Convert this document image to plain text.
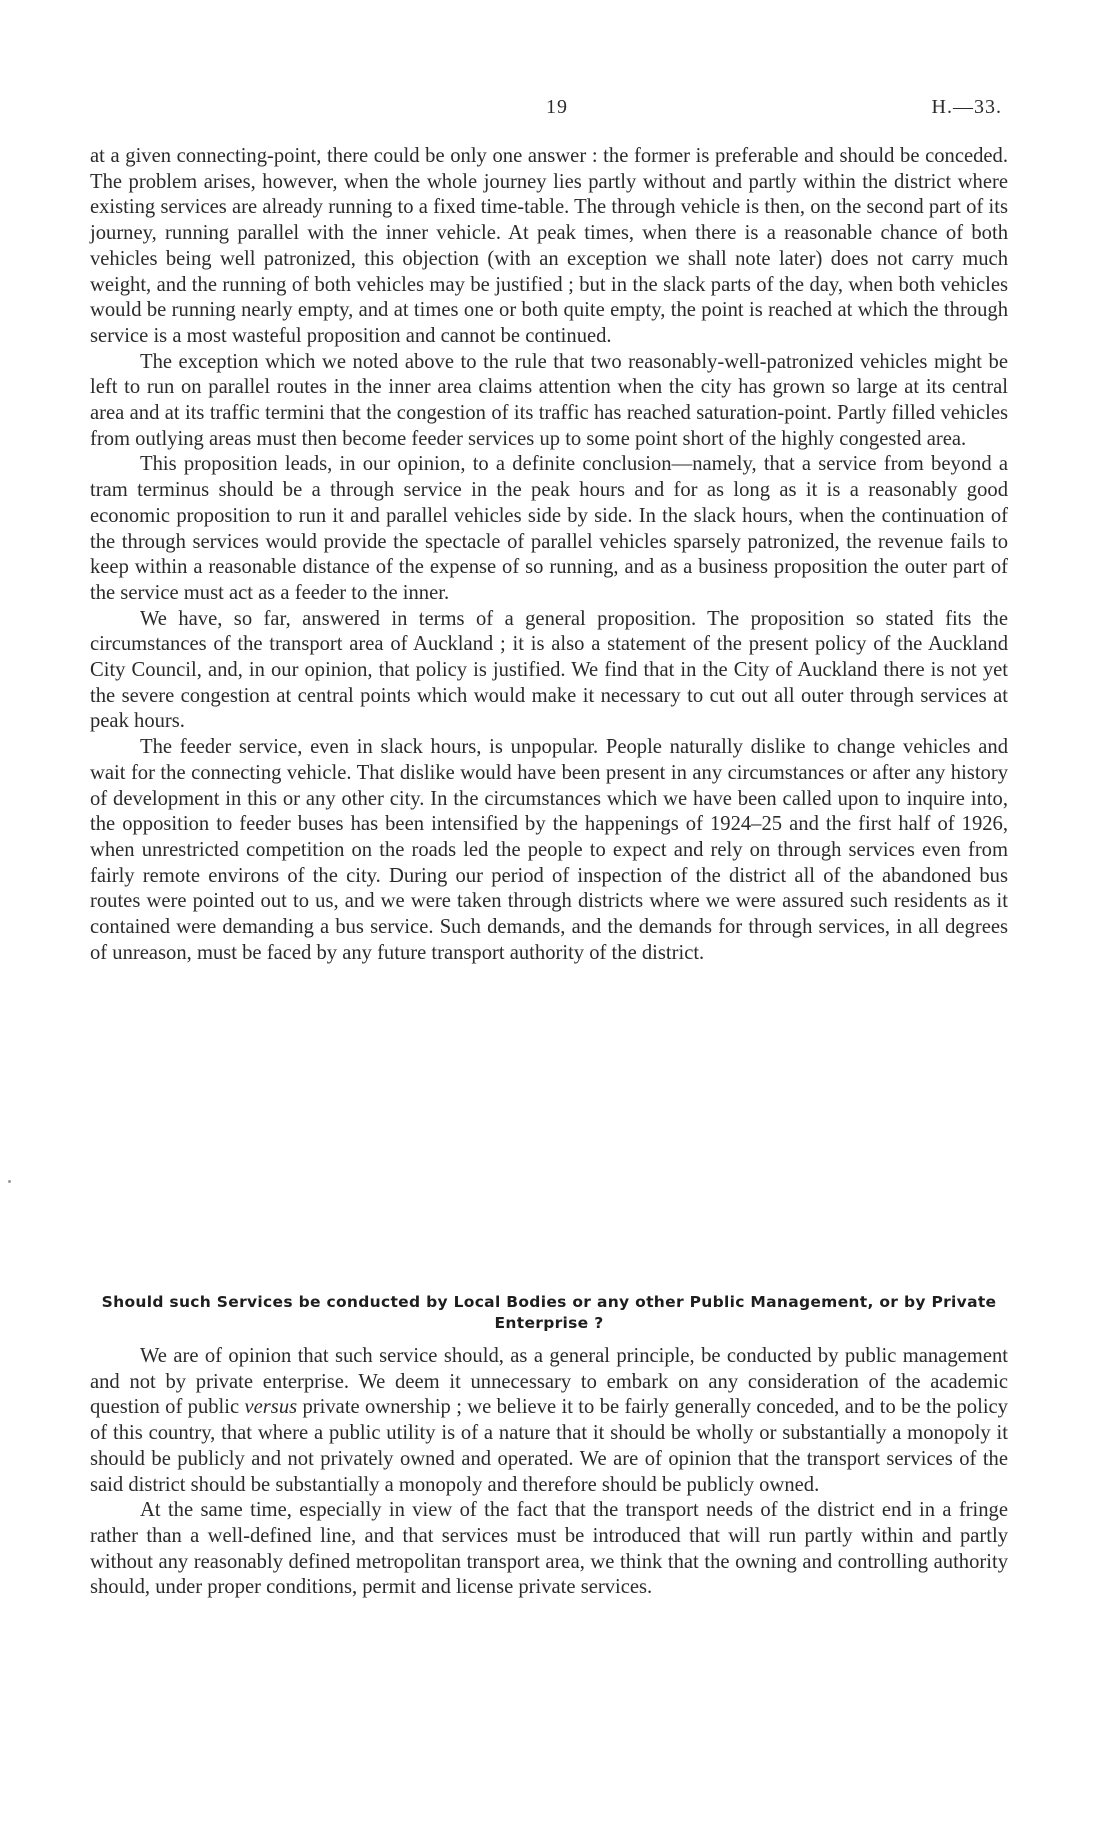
19	H.—33.

at a given connecting-point, there could be only one answer : the former is preferable and should be conceded. The problem arises, however, when the whole journey lies partly without and partly within the district where existing services are already running to a fixed time-table. The through vehicle is then, on the second part of its journey, running parallel with the inner vehicle. At peak times, when there is a reasonable chance of both vehicles being well patronized, this objection (with an exception we shall note later) does not carry much weight, and the running of both vehicles may be justified ; but in the slack parts of the day, when both vehicles would be running nearly empty, and at times one or both quite empty, the point is reached at which the through service is a most wasteful proposition and cannot be continued.

The exception which we noted above to the rule that two reasonably-well-patronized vehicles might be left to run on parallel routes in the inner area claims attention when the city has grown so large at its central area and at its traffic termini that the congestion of its traffic has reached saturation-point. Partly filled vehicles from outlying areas must then become feeder services up to some point short of the highly congested area.

This proposition leads, in our opinion, to a definite conclusion—namely, that a service from beyond a tram terminus should be a through service in the peak hours and for as long as it is a reasonably good economic proposition to run it and parallel vehicles side by side. In the slack hours, when the continuation of the through services would provide the spectacle of parallel vehicles sparsely patronized, the revenue fails to keep within a reasonable distance of the expense of so running, and as a business proposition the outer part of the service must act as a feeder to the inner.

We have, so far, answered in terms of a general proposition. The proposition so stated fits the circumstances of the transport area of Auckland ; it is also a statement of the present policy of the Auckland City Council, and, in our opinion, that policy is justified. We find that in the City of Auckland there is not yet the severe congestion at central points which would make it necessary to cut out all outer through services at peak hours.

The feeder service, even in slack hours, is unpopular. People naturally dislike to change vehicles and wait for the connecting vehicle. That dislike would have been present in any circumstances or after any history of development in this or any other city. In the circumstances which we have been called upon to inquire into, the opposition to feeder buses has been intensified by the happenings of 1924–25 and the first half of 1926, when unrestricted competition on the roads led the people to expect and rely on through services even from fairly remote environs of the city. During our period of inspection of the district all of the abandoned bus routes were pointed out to us, and we were taken through districts where we were assured such residents as it contained were demanding a bus service. Such demands, and the demands for through services, in all degrees of unreason, must be faced by any future transport authority of the district.

Should such Services be conducted by Local Bodies or any other Public Management, or by Private Enterprise ?

We are of opinion that such service should, as a general principle, be conducted by public management and not by private enterprise. We deem it unnecessary to embark on any consideration of the academic question of public versus private ownership ; we believe it to be fairly generally conceded, and to be the policy of this country, that where a public utility is of a nature that it should be wholly or substantially a monopoly it should be publicly and not privately owned and operated. We are of opinion that the transport services of the said district should be substantially a monopoly and therefore should be publicly owned.

At the same time, especially in view of the fact that the transport needs of the district end in a fringe rather than a well-defined line, and that services must be introduced that will run partly within and partly without any reasonably defined metropolitan transport area, we think that the owning and controlling authority should, under proper conditions, permit and license private services.
